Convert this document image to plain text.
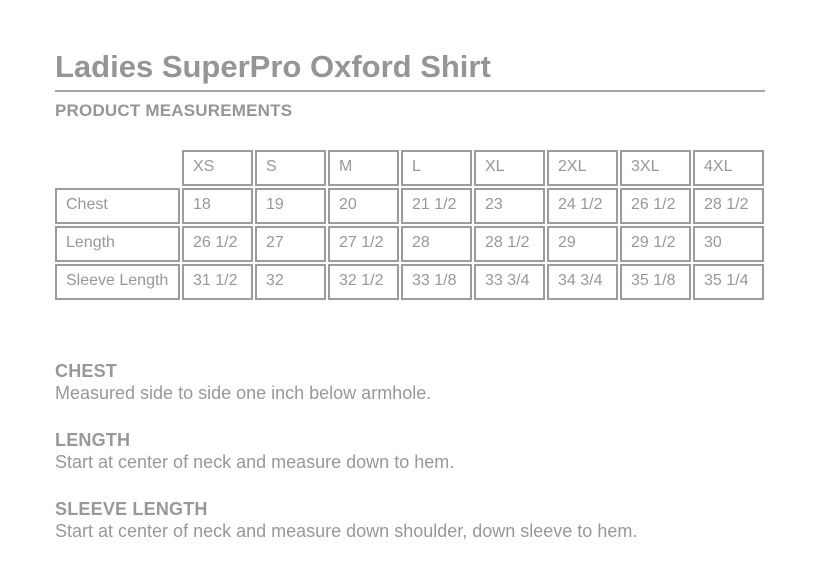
Ladies SuperPro Oxford Shirt
PRODUCT MEASUREMENTS
	XS	S	M	L	XL	2XL	3XL	4XL
Chest	18	19	20	21 1/2	23	24 1/2	26 1/2	28 1/2
Length	26 1/2	27	27 1/2	28	28 1/2	29	29 1/2	30
Sleeve Length	31 1/2	32	32 1/2	33 1/8	33 3/4	34 3/4	35 1/8	35 1/4

CHEST

Measured side to side one inch below armhole.

LENGTH

Start at center of neck and measure down to hem.

SLEEVE LENGTH

Start at center of neck and measure down shoulder, down sleeve to hem.
